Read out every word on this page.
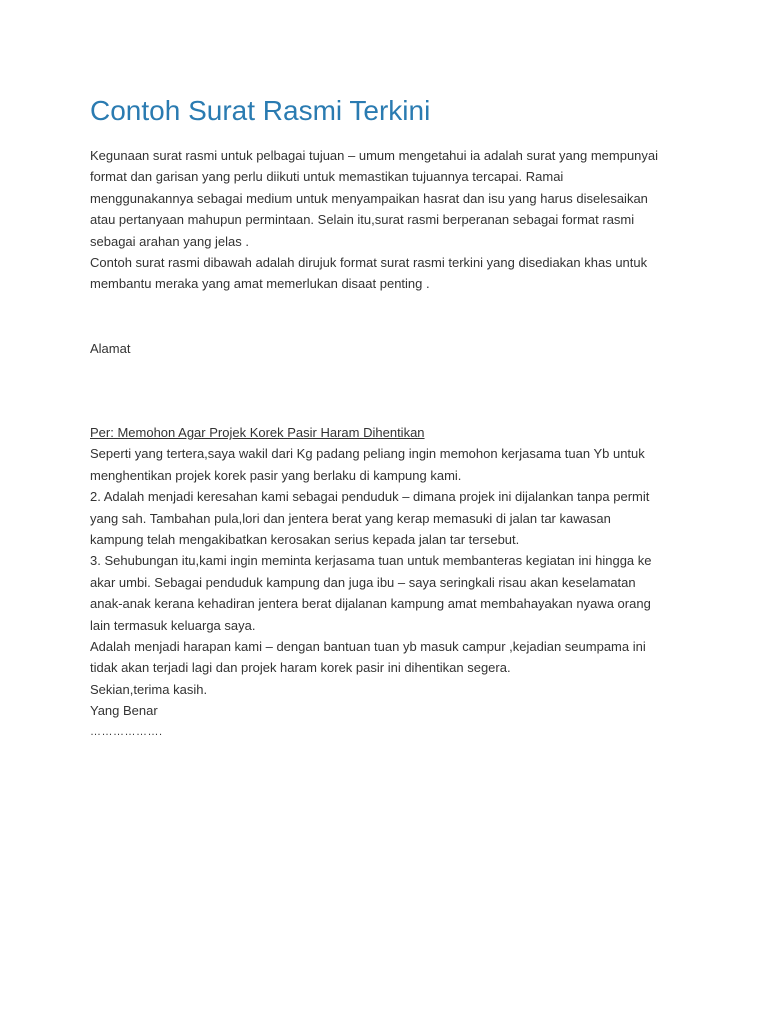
Contoh Surat Rasmi Terkini
Kegunaan surat rasmi untuk pelbagai tujuan – umum mengetahui ia adalah surat yang mempunyai
format dan garisan yang perlu diikuti untuk memastikan tujuannya tercapai. Ramai
menggunakannya sebagai medium untuk menyampaikan hasrat dan isu yang harus diselesaikan
atau pertanyaan mahupun permintaan. Selain itu,surat rasmi berperanan sebagai format rasmi
sebagai arahan yang jelas .
Contoh surat rasmi dibawah adalah dirujuk format surat rasmi terkini yang disediakan khas untuk
membantu meraka yang amat memerlukan disaat penting .
Alamat
Per: Memohon Agar Projek Korek Pasir Haram Dihentikan
Seperti yang tertera,saya wakil dari Kg padang peliang ingin memohon kerjasama tuan Yb untuk
menghentikan projek korek pasir yang berlaku di kampung kami.
2. Adalah menjadi keresahan kami sebagai penduduk – dimana projek ini dijalankan tanpa permit
yang sah. Tambahan pula,lori dan jentera berat yang kerap memasuki di jalan tar kawasan
kampung telah mengakibatkan kerosakan serius kepada jalan tar tersebut.
3. Sehubungan itu,kami ingin meminta kerjasama tuan untuk membanteras kegiatan ini hingga ke
akar umbi. Sebagai penduduk kampung dan juga ibu – saya seringkali risau akan keselamatan
anak-anak kerana kehadiran jentera berat dijalanan kampung amat membahayakan nyawa orang
lain termasuk keluarga saya.
Adalah menjadi harapan kami – dengan bantuan tuan yb masuk campur ,kejadian seumpama ini
tidak akan terjadi lagi dan projek haram korek pasir ini dihentikan segera.
Sekian,terima kasih.
Yang Benar
……………….
